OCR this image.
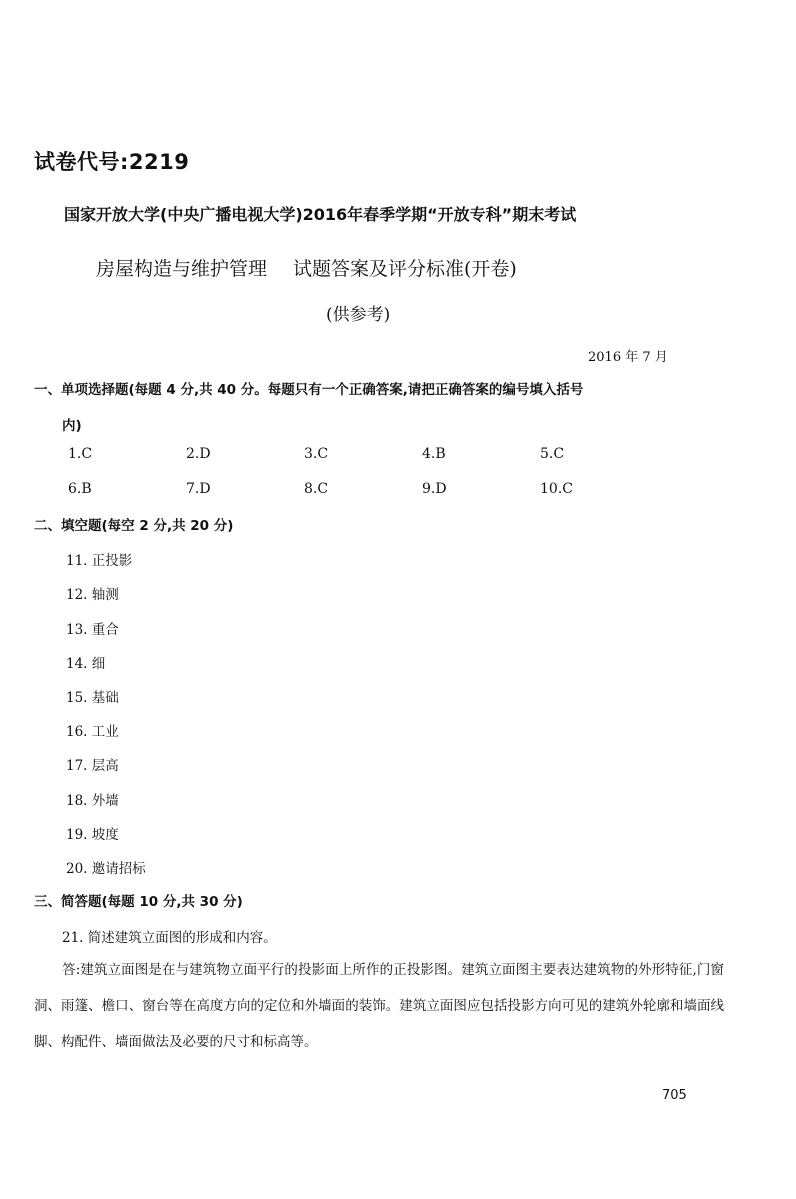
试卷代号:2219
国家开放大学(中央广播电视大学)2016年春季学期“开放专科”期末考试
房屋构造与维护管理 试题答案及评分标准(开卷)
(供参考)
2016 年 7 月
一、单项选择题(每题 4 分,共 40 分。每题只有一个正确答案,请把正确答案的编号填入括号
内)
1.C	2.D	3.C	4.B	5.C
6.B	7.D	8.C	9.D	10.C
二、填空题(每空 2 分,共 20 分)
11. 正投影
12. 轴测
13. 重合
14. 细
15. 基础
16. 工业
17. 层高
18. 外墙
19. 坡度
20. 邀请招标
三、简答题(每题 10 分,共 30 分)
21. 简述建筑立面图的形成和内容。
答:建筑立面图是在与建筑物立面平行的投影面上所作的正投影图。建筑立面图主要表达建筑物的外形特征,门窗洞、雨篷、檐口、窗台等在高度方向的定位和外墙面的装饰。建筑立面图应包括投影方向可见的建筑外轮廓和墙面线脚、构配件、墙面做法及必要的尺寸和标高等。
705
